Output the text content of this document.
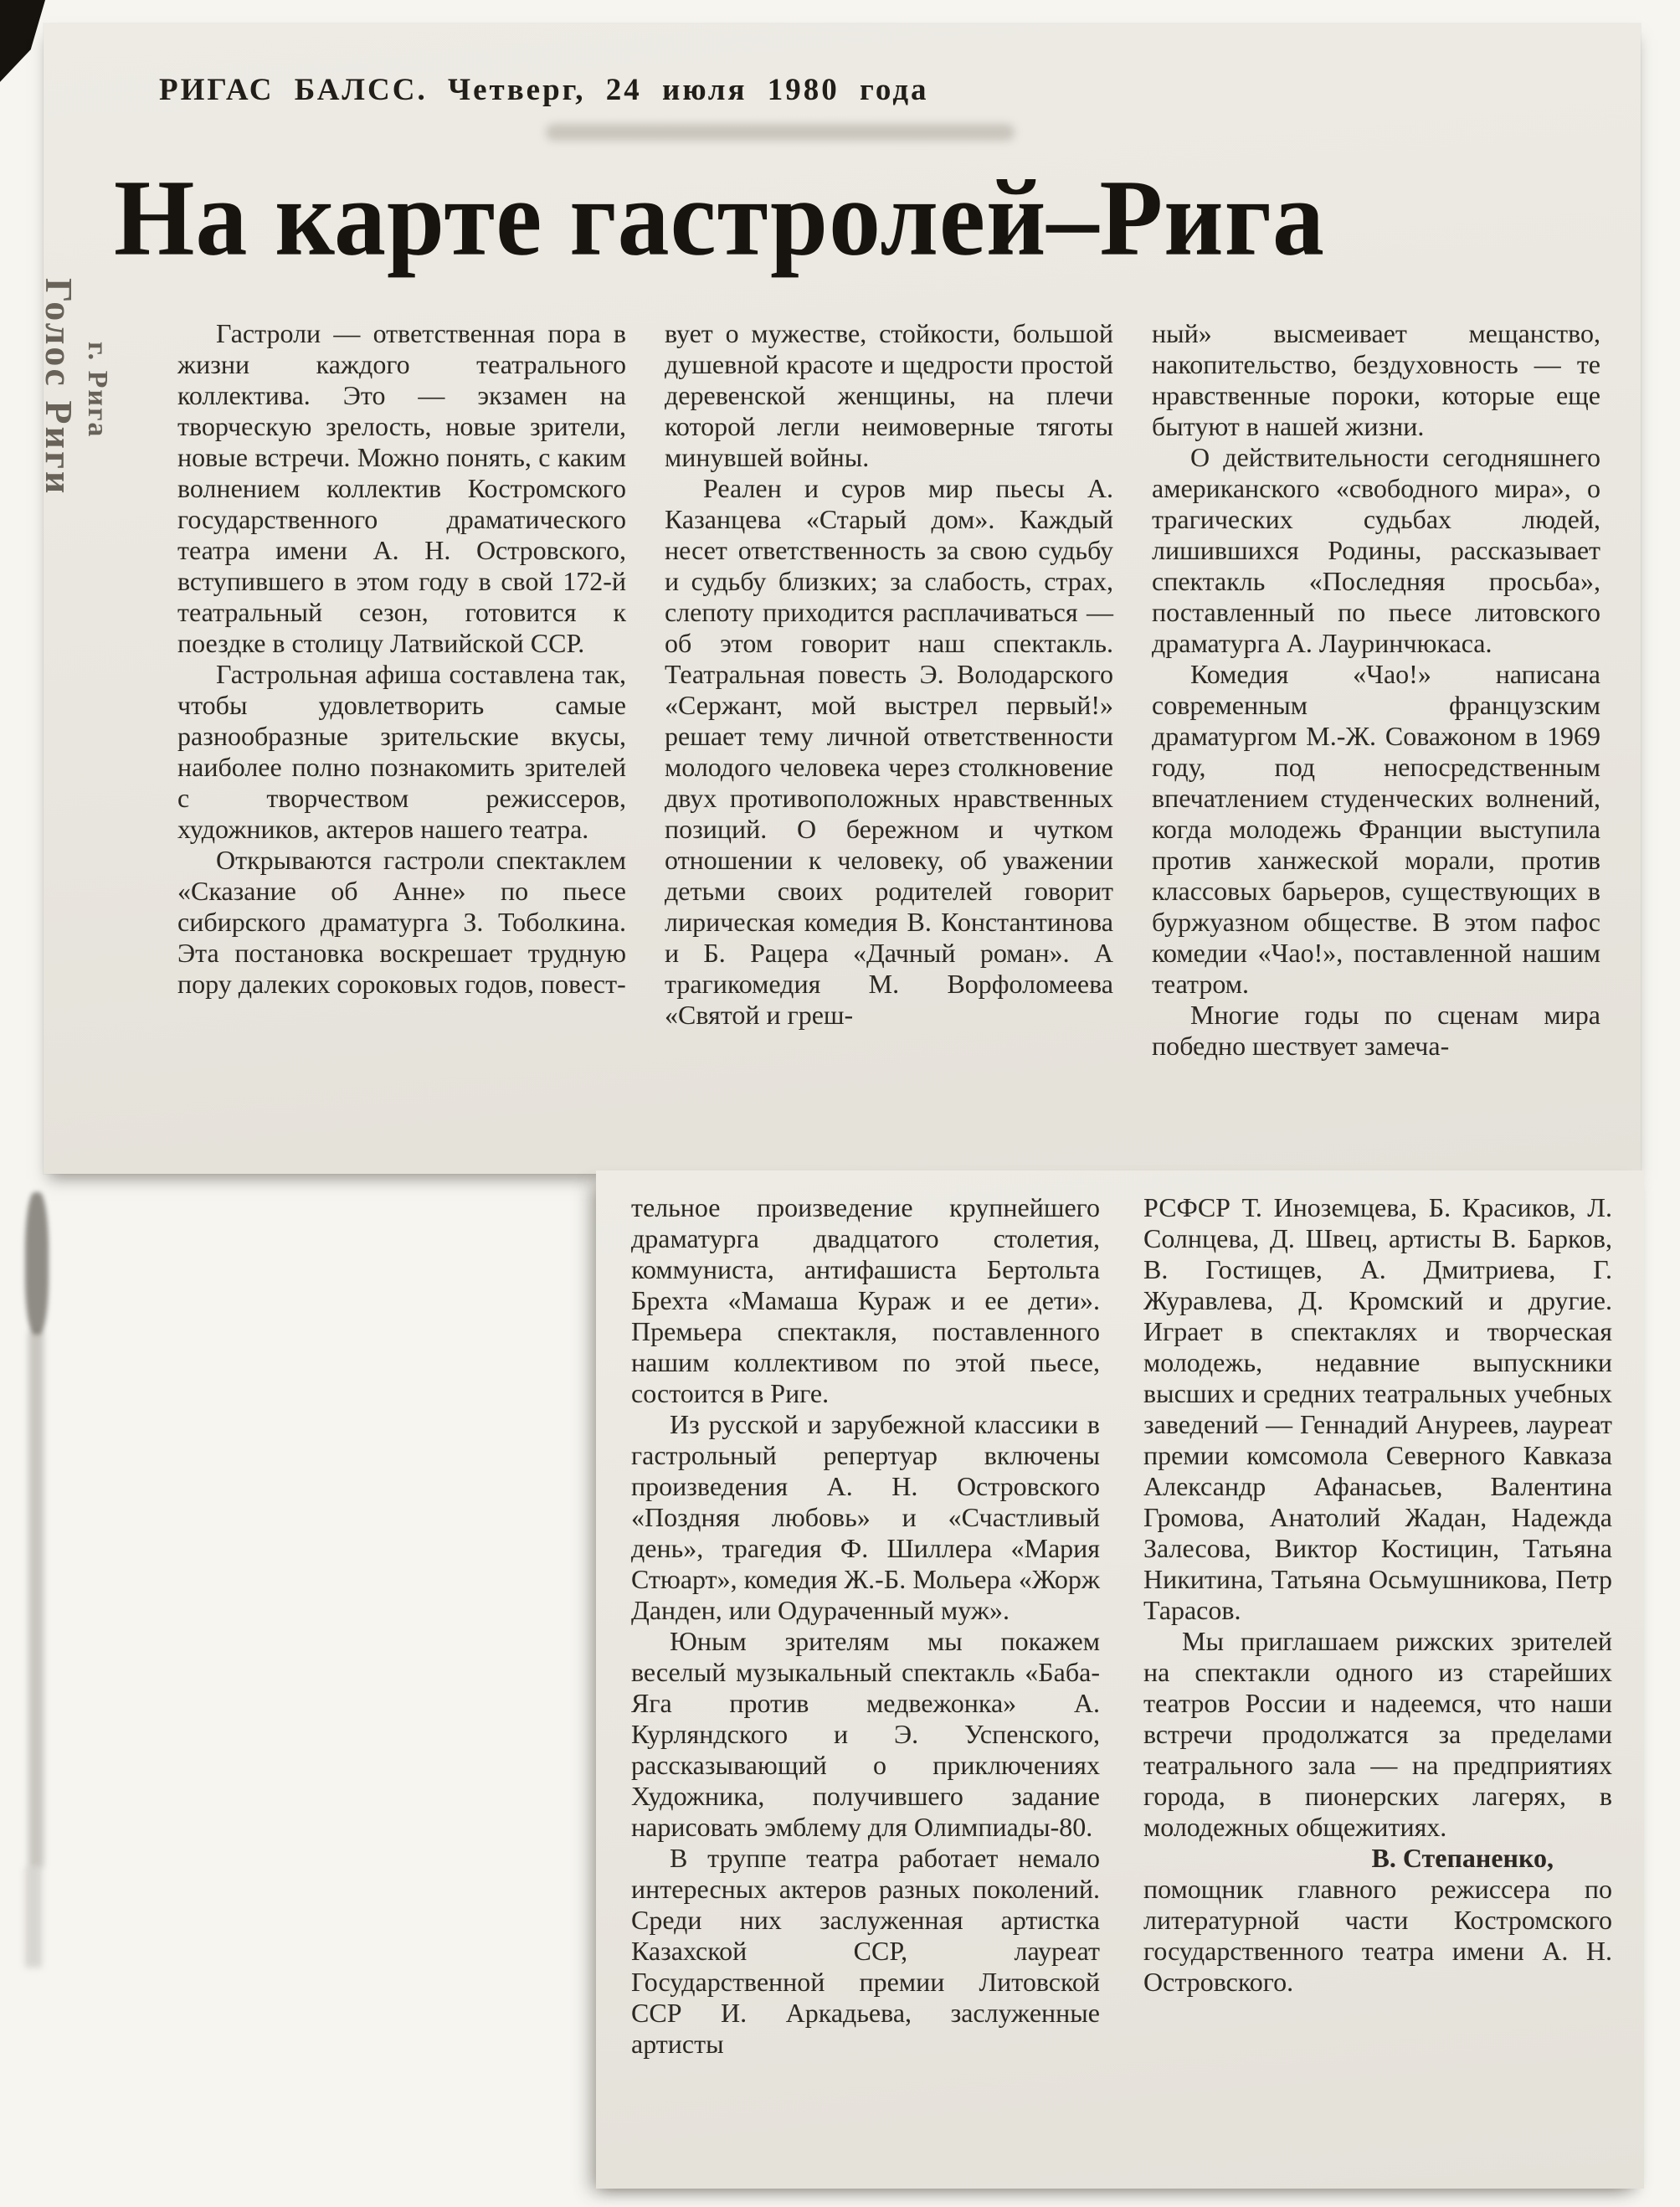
РИГАС БАЛСС. Четверг, 24 июля 1980 года
На карте гастролей–Рига

Гастроли — ответственная пора в жизни каждого театрального коллектива. Это — экзамен на творческую зрелость, новые зрители, новые встречи. Можно понять, с каким волнением коллектив Костромского государственного драматического театра имени А. Н. Островского, вступившего в этом году в свой 172-й театральный сезон, готовится к поездке в столицу Латвийской ССР.

Гастрольная афиша составлена так, чтобы удовлетворить самые разнообразные зрительские вкусы, наиболее полно познакомить зрителей с творчеством режиссеров, художников, актеров нашего театра.

Открываются гастроли спектаклем «Сказание об Анне» по пьесе сибирского драматурга З. Тоболкина. Эта постановка воскрешает трудную пору далеких сороковых годов, повест-

вует о мужестве, стойкости, большой душевной красоте и щедрости простой деревенской женщины, на плечи которой легли неимоверные тяготы минувшей войны.

Реален и суров мир пьесы А. Казанцева «Старый дом». Каждый несет ответственность за свою судьбу и судьбу близких; за слабость, страх, слепоту приходится расплачиваться — об этом говорит наш спектакль. Театральная повесть Э. Володарского «Сержант, мой выстрел первый!» решает тему личной ответственности молодого человека через столкновение двух противоположных нравственных позиций. О бережном и чутком отношении к человеку, об уважении детьми своих родителей говорит лирическая комедия В. Константинова и Б. Рацера «Дачный роман». А трагикомедия М. Ворфоломеева «Святой и греш-

ный» высмеивает мещанство, накопительство, бездуховность — те нравственные пороки, которые еще бытуют в нашей жизни.

О действительности сегодняшнего американского «свободного мира», о трагических судьбах людей, лишившихся Родины, рассказывает спектакль «Последняя просьба», поставленный по пьесе литовского драматурга А. Лауринчюкаса.

Комедия «Чао!» написана современным французским драматургом М.-Ж. Соважоном в 1969 году, под непосредственным впечатлением студенческих волнений, когда молодежь Франции выступила против ханжеской морали, против классовых барьеров, существующих в буржуазном обществе. В этом пафос комедии «Чао!», поставленной нашим театром.

Многие годы по сценам мира победно шествует замеча-

Голос Риги г. Рига

тельное произведение крупнейшего драматурга двадцатого столетия, коммуниста, антифашиста Бертольта Брехта «Мамаша Кураж и ее дети». Премьера спектакля, поставленного нашим коллективом по этой пьесе, состоится в Риге.

Из русской и зарубежной классики в гастрольный репертуар включены произведения А. Н. Островского «Поздняя любовь» и «Счастливый день», трагедия Ф. Шиллера «Мария Стюарт», комедия Ж.-Б. Мольера «Жорж Данден, или Одураченный муж».

Юным зрителям мы покажем веселый музыкальный спектакль «Баба-Яга против медвежонка» А. Курляндского и Э. Успенского, рассказывающий о приключениях Художника, получившего задание нарисовать эмблему для Олимпиады-80.

В труппе театра работает немало интересных актеров разных поколений. Среди них заслуженная артистка Казахской ССР, лауреат Государственной премии Литовской ССР И. Аркадьева, заслуженные артисты

РСФСР Т. Иноземцева, Б. Красиков, Л. Солнцева, Д. Швец, артисты В. Барков, В. Гостищев, А. Дмитриева, Г. Журавлева, Д. Кромский и другие. Играет в спектаклях и творческая молодежь, недавние выпускники высших и средних театральных учебных заведений — Геннадий Ануреев, лауреат премии комсомола Северного Кавказа Александр Афанасьев, Валентина Громова, Анатолий Жадан, Надежда Залесова, Виктор Костицин, Татьяна Никитина, Татьяна Осьмушникова, Петр Тарасов.

Мы приглашаем рижских зрителей на спектакли одного из старейших театров России и надеемся, что наши встречи продолжатся за пределами театрального зала — на предприятиях города, в пионерских лагерях, в молодежных общежитиях.

В. Степаненко,

помощник главного режиссера по литературной части Костромского государственного театра имени А. Н. Островского.
